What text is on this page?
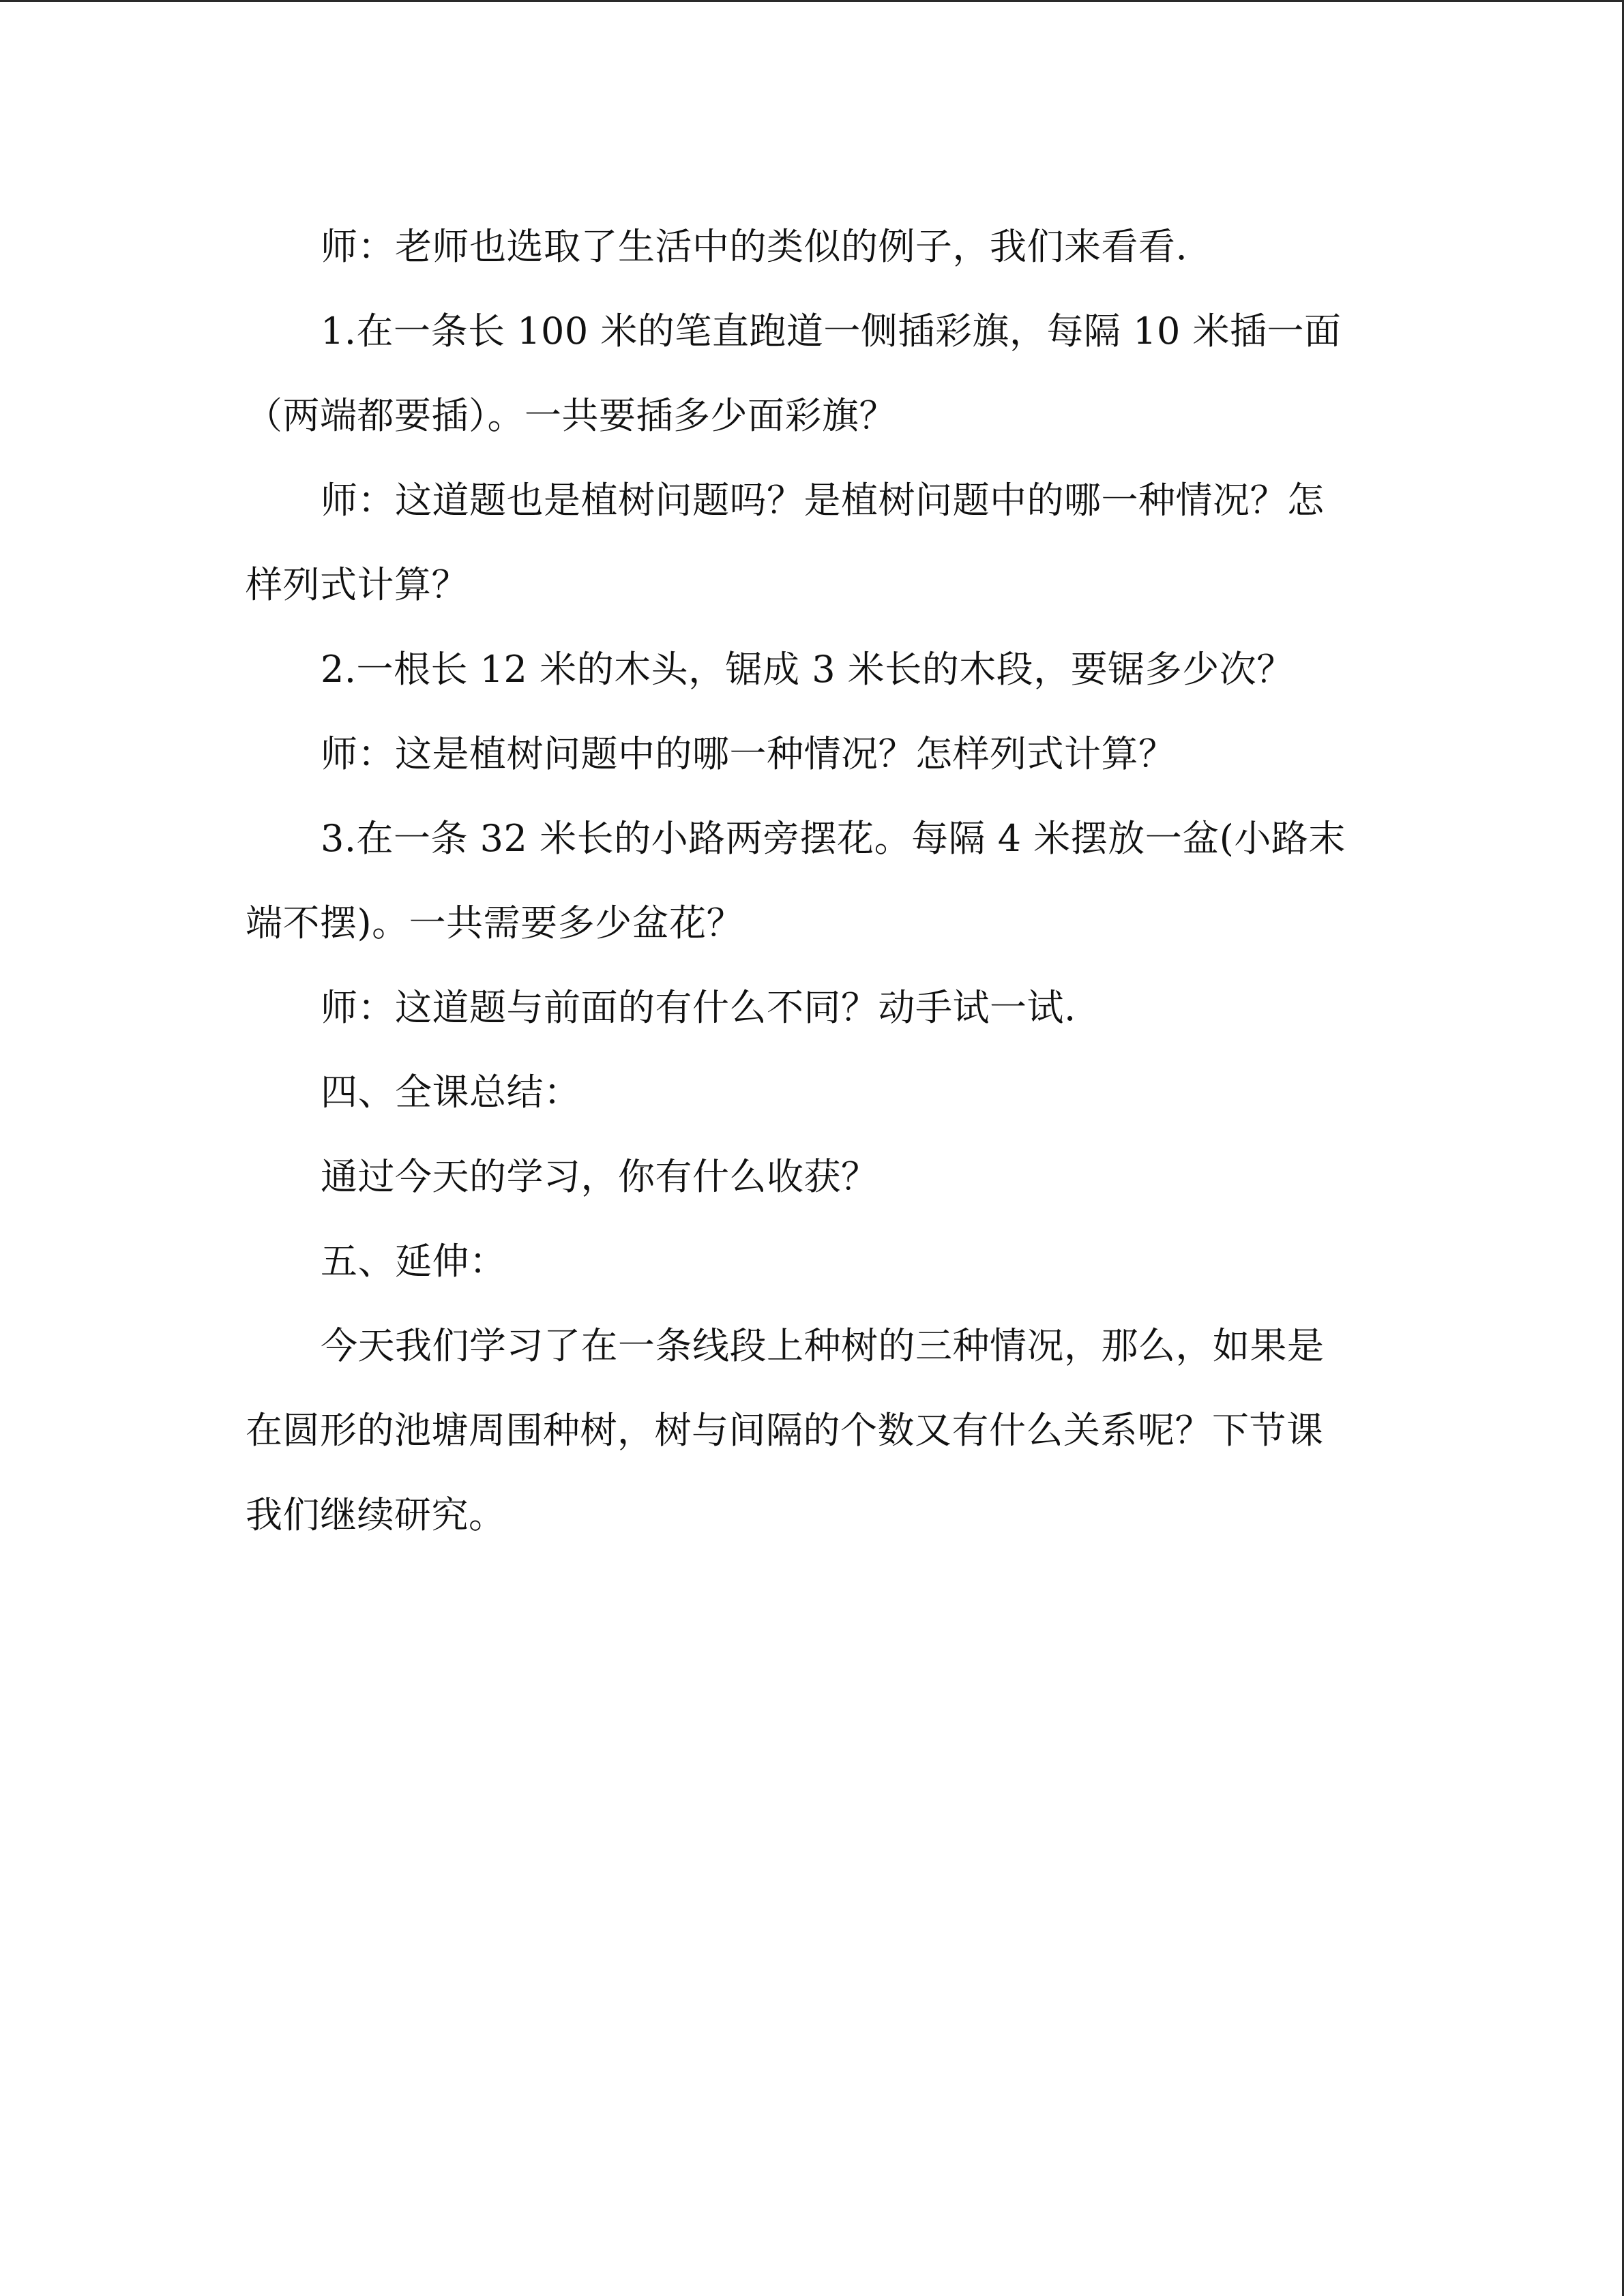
师：老师也选取了生活中的类似的例子，我们来看看.
1.在一条长 100 米的笔直跑道一侧插彩旗，每隔 10 米插一面
（两端都要插）。一共要插多少面彩旗？
师：这道题也是植树问题吗？是植树问题中的哪一种情况？怎
样列式计算？
2.一根长 12 米的木头，锯成 3 米长的木段，要锯多少次？
师：这是植树问题中的哪一种情况？怎样列式计算？
3.在一条 32 米长的小路两旁摆花。每隔 4 米摆放一盆(小路末
端不摆)。一共需要多少盆花？
师：这道题与前面的有什么不同？动手试一试.
四、全课总结：
通过今天的学习，你有什么收获？
五、延伸：
今天我们学习了在一条线段上种树的三种情况，那么，如果是
在圆形的池塘周围种树，树与间隔的个数又有什么关系呢？下节课
我们继续研究。
